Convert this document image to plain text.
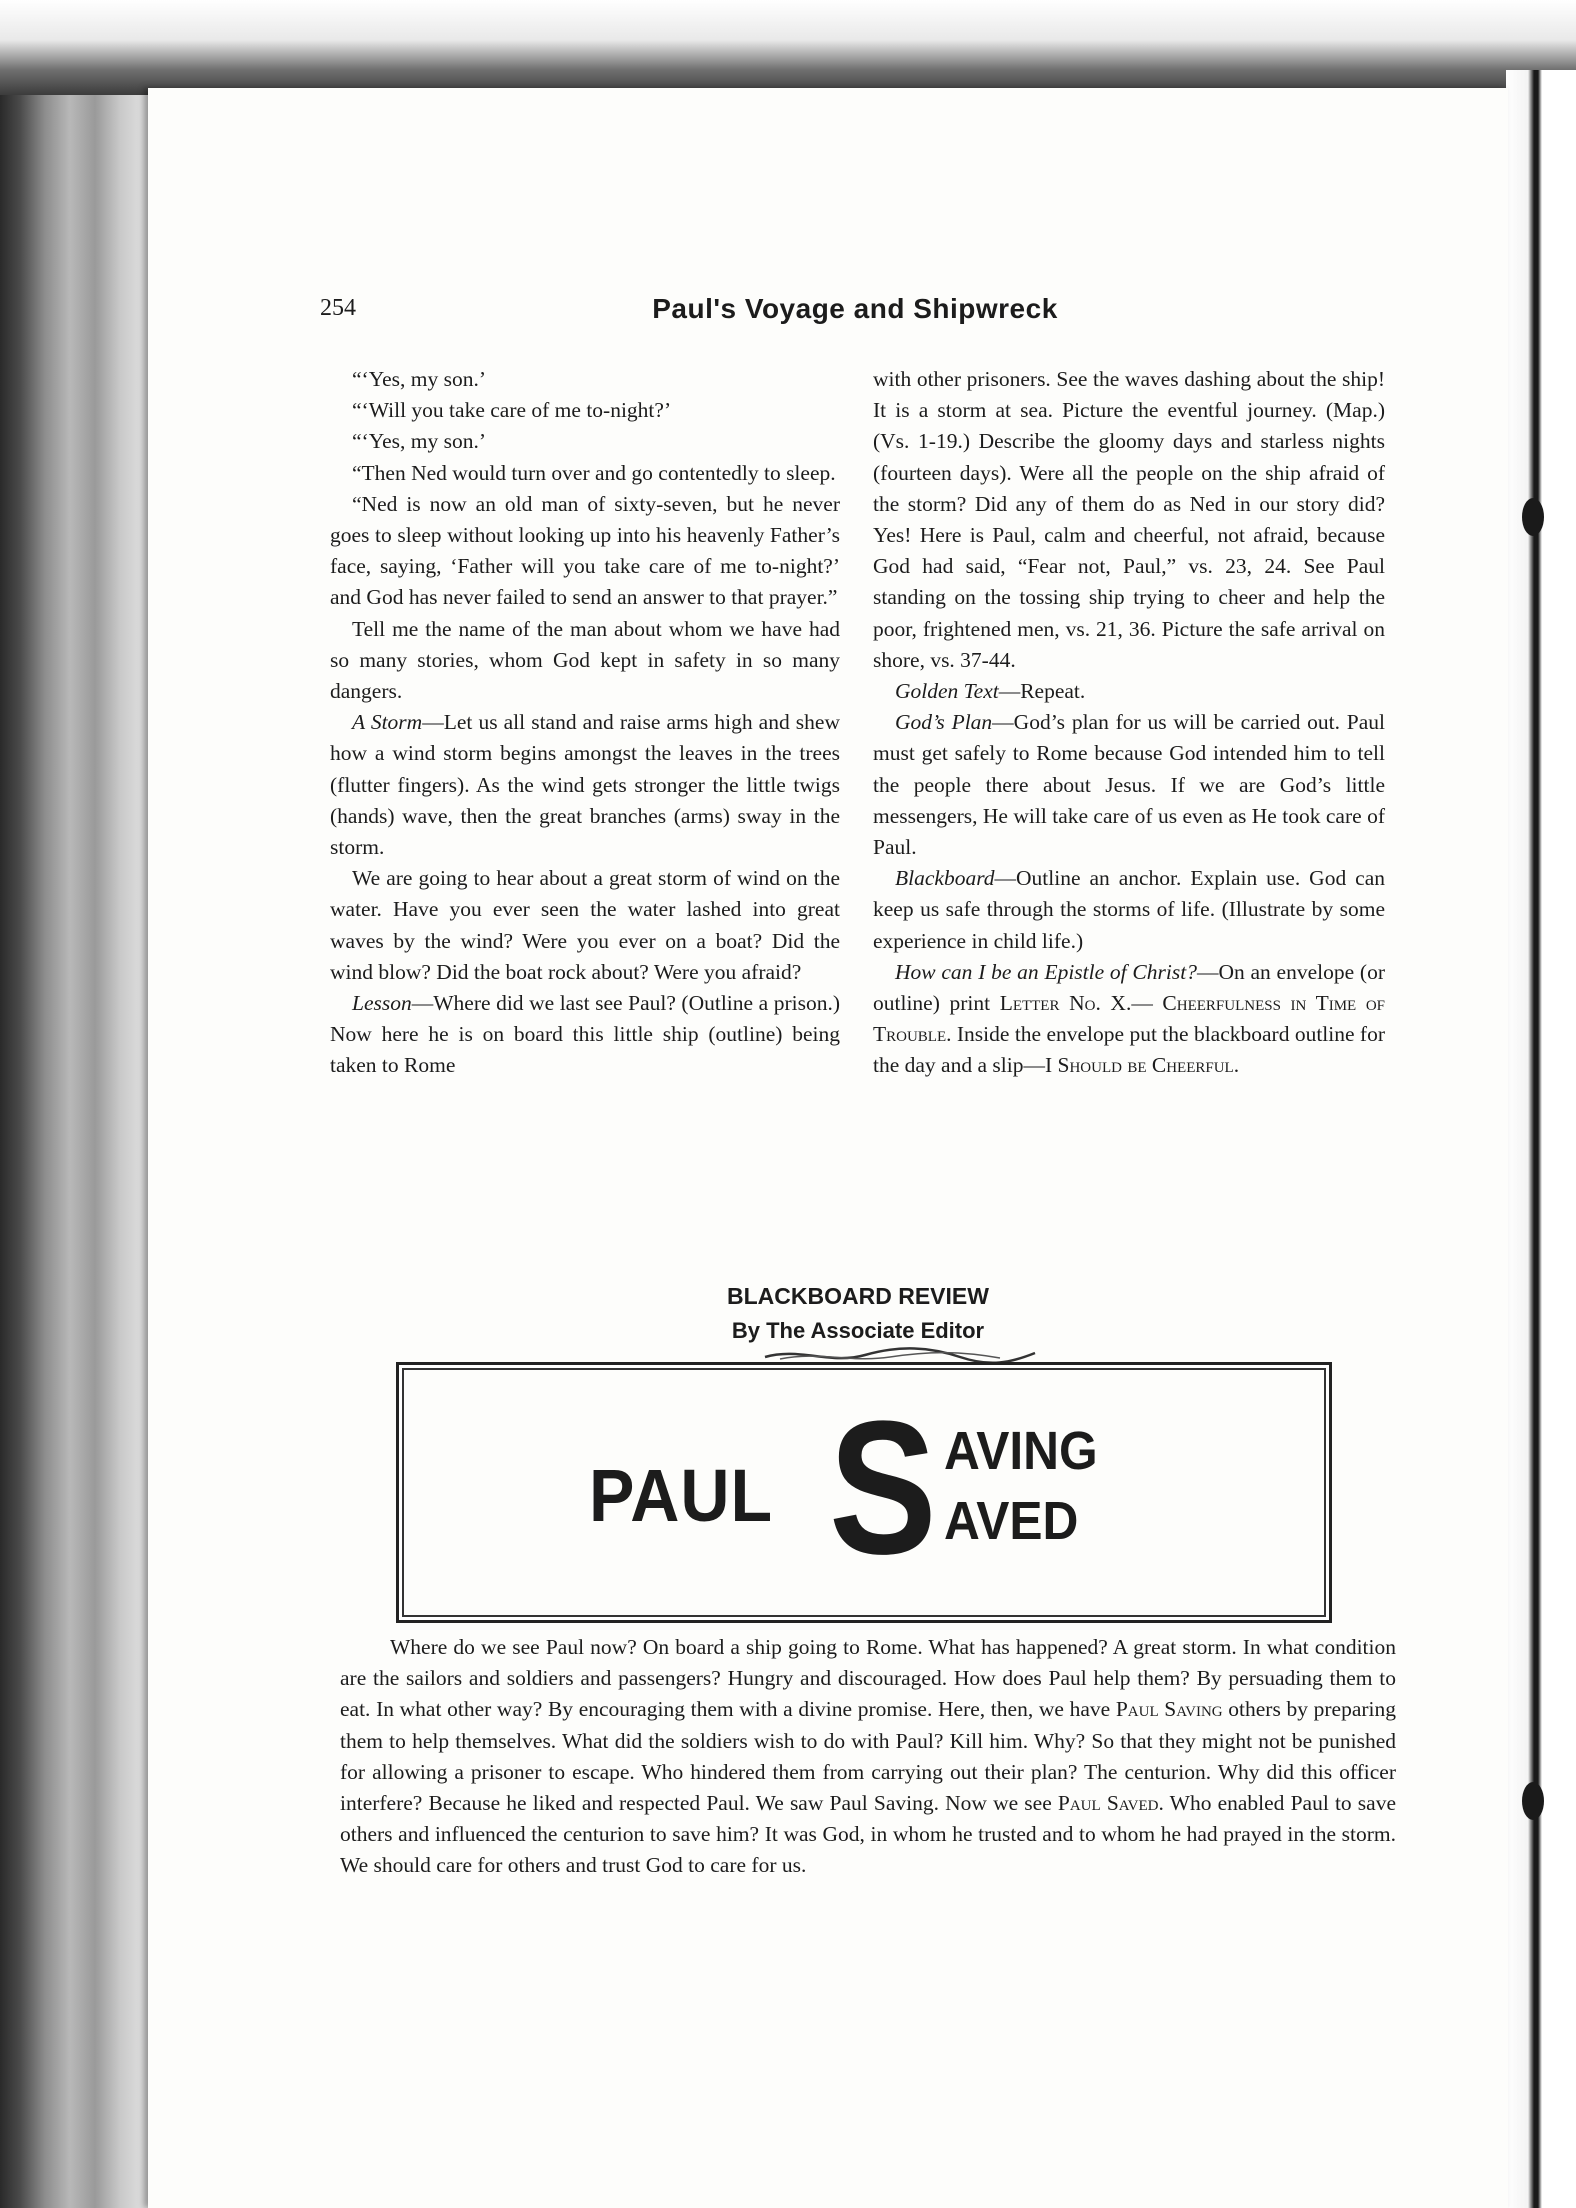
254	Paul's Voyage and Shipwreck

“‘Yes, my son.’

“‘Will you take care of me to-night?’

“‘Yes, my son.’

“Then Ned would turn over and go contentedly to sleep.

“Ned is now an old man of sixty-seven, but he never goes to sleep without looking up into his heavenly Father’s face, saying, ‘Father will you take care of me to-night?’ and God has never failed to send an answer to that prayer.”

Tell me the name of the man about whom we have had so many stories, whom God kept in safety in so many dangers.

A Storm—Let us all stand and raise arms high and shew how a wind storm begins amongst the leaves in the trees (flutter fingers). As the wind gets stronger the little twigs (hands) wave, then the great branches (arms) sway in the storm.

We are going to hear about a great storm of wind on the water. Have you ever seen the water lashed into great waves by the wind? Were you ever on a boat? Did the wind blow? Did the boat rock about? Were you afraid?

Lesson—Where did we last see Paul? (Outline a prison.) Now here he is on board this little ship (outline) being taken to Rome

with other prisoners. See the waves dashing about the ship! It is a storm at sea. Picture the eventful journey. (Map.) (Vs. 1-19.) Describe the gloomy days and starless nights (fourteen days). Were all the people on the ship afraid of the storm? Did any of them do as Ned in our story did? Yes! Here is Paul, calm and cheerful, not afraid, because God had said, “Fear not, Paul,” vs. 23, 24. See Paul standing on the tossing ship trying to cheer and help the poor, frightened men, vs. 21, 36. Picture the safe arrival on shore, vs. 37-44.

Golden Text—Repeat.

God’s Plan—God’s plan for us will be carried out. Paul must get safely to Rome because God intended him to tell the people there about Jesus. If we are God’s little messengers, He will take care of us even as He took care of Paul.

Blackboard—Outline an anchor. Explain use. God can keep us safe through the storms of life. (Illustrate by some experience in child life.)

How can I be an Epistle of Christ?—On an envelope (or outline) print Letter No. X.— Cheerfulness in Time of Trouble. Inside the envelope put the blackboard outline for the day and a slip—I Should be Cheerful.

BLACKBOARD REVIEW
By The Associate Editor
PAUL S AVING
AVED

Where do we see Paul now? On board a ship going to Rome. What has happened? A great storm. In what condition are the sailors and soldiers and passengers? Hungry and discouraged. How does Paul help them? By persuading them to eat. In what other way? By encouraging them with a divine promise. Here, then, we have Paul Saving others by preparing them to help themselves. What did the soldiers wish to do with Paul? Kill him. Why? So that they might not be punished for allowing a prisoner to escape. Who hindered them from carrying out their plan? The centurion. Why did this officer interfere? Because he liked and respected Paul. We saw Paul Saving. Now we see Paul Saved. Who enabled Paul to save others and influenced the centurion to save him? It was God, in whom he trusted and to whom he had prayed in the storm. We should care for others and trust God to care for us.
